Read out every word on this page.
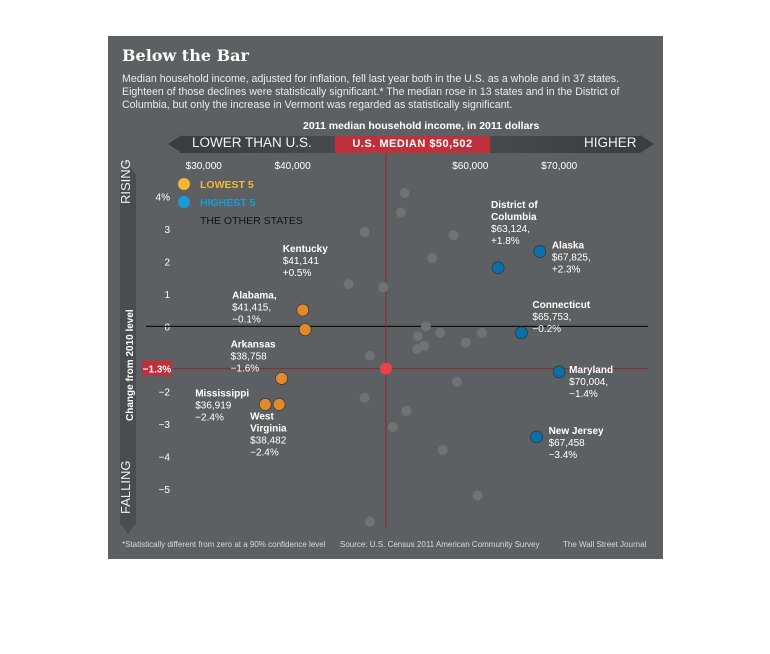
$30,000	$40,000	$60,000	$70,000
4%
3
2
1
0
−2
−3
−4
−5
−1.3%
Kentucky
$41,141
+0.5%
Alabama,
$41,415,
−0.1%
Arkansas
$38,758
−1.6%
Mississippi
$36,919
−2.4%	West
Virginia
$38,482
−2.4%
District of
Columbia
$63,124,
+1.8%	Alaska
$67,825,
+2.3%
Connecticut
$65,753,
−0.2%
Maryland
$70,004,
−1.4%
New Jersey
$67,458
−3.4%
LOWEST 5
HIGHEST 5
THE OTHER STATES

Below the Bar

Median household income, adjusted for inflation, fell last year both in the U.S. as a whole and in 37 states. Eighteen of those declines were statistically significant.* The median rose in 13 states and in the District of Columbia, but only the increase in Vermont was regarded as statistically significant.

2011 median household income, in 2011 dollars

LOWER THAN U.S.	HIGHER

U.S. MEDIAN $50,502

RISING

FALLING

Change from 2010 level

*Statistically different from zero at a 90% confidence level Source: U.S. Census 2011 American Community Survey	The Wall Street Journal
